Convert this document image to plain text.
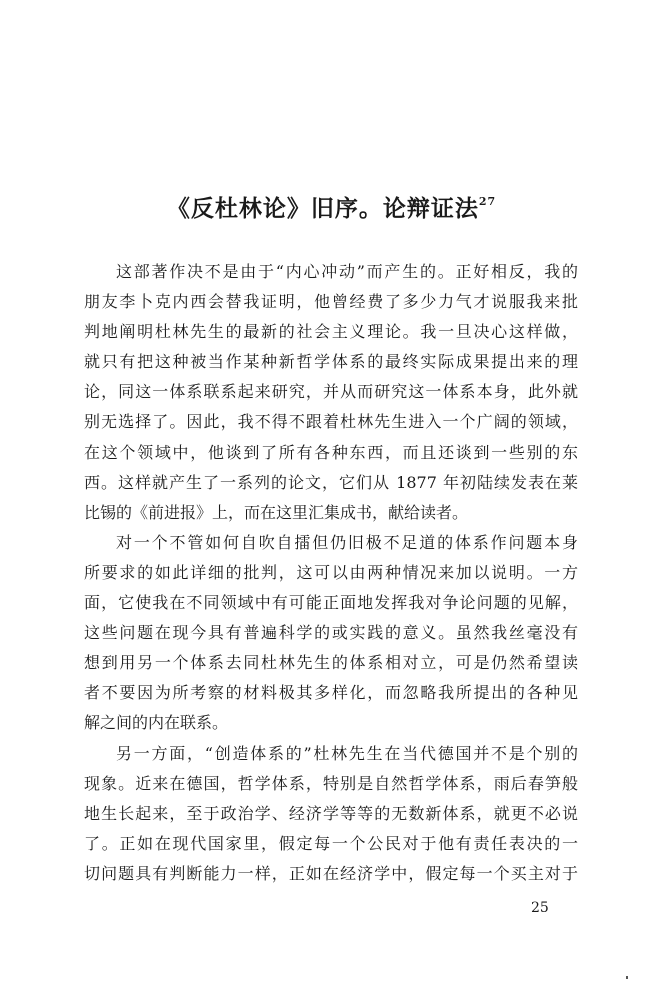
《反杜林论》旧序。论辩证法$^{27}$
这部著作决不是由于“内心冲动”而产生的。正好相反，我的
朋友李卜克内西会替我证明，他曾经费了多少力气才说服我来批
判地阐明杜林先生的最新的社会主义理论。我一旦决心这样做，
就只有把这种被当作某种新哲学体系的最终实际成果提出来的理
论，同这一体系联系起来研究，并从而研究这一体系本身，此外就
别无选择了。因此，我不得不跟着杜林先生进入一个广阔的领域，
在这个领域中，他谈到了所有各种东西，而且还谈到一些别的东
西。这样就产生了一系列的论文，它们从 1877 年初陆续发表在莱
比锡的《前进报》上，而在这里汇集成书，献给读者。
对一个不管如何自吹自擂但仍旧极不足道的体系作问题本身
所要求的如此详细的批判，这可以由两种情况来加以说明。一方
面，它使我在不同领域中有可能正面地发挥我对争论问题的见解，
这些问题在现今具有普遍科学的或实践的意义。虽然我丝毫没有
想到用另一个体系去同杜林先生的体系相对立，可是仍然希望读
者不要因为所考察的材料极其多样化，而忽略我所提出的各种见
解之间的内在联系。
另一方面，“创造体系的”杜林先生在当代德国并不是个别的
现象。近来在德国，哲学体系，特别是自然哲学体系，雨后春笋般
地生长起来，至于政治学、经济学等等的无数新体系，就更不必说
了。正如在现代国家里，假定每一个公民对于他有责任表决的一
切问题具有判断能力一样，正如在经济学中，假定每一个买主对于
25
